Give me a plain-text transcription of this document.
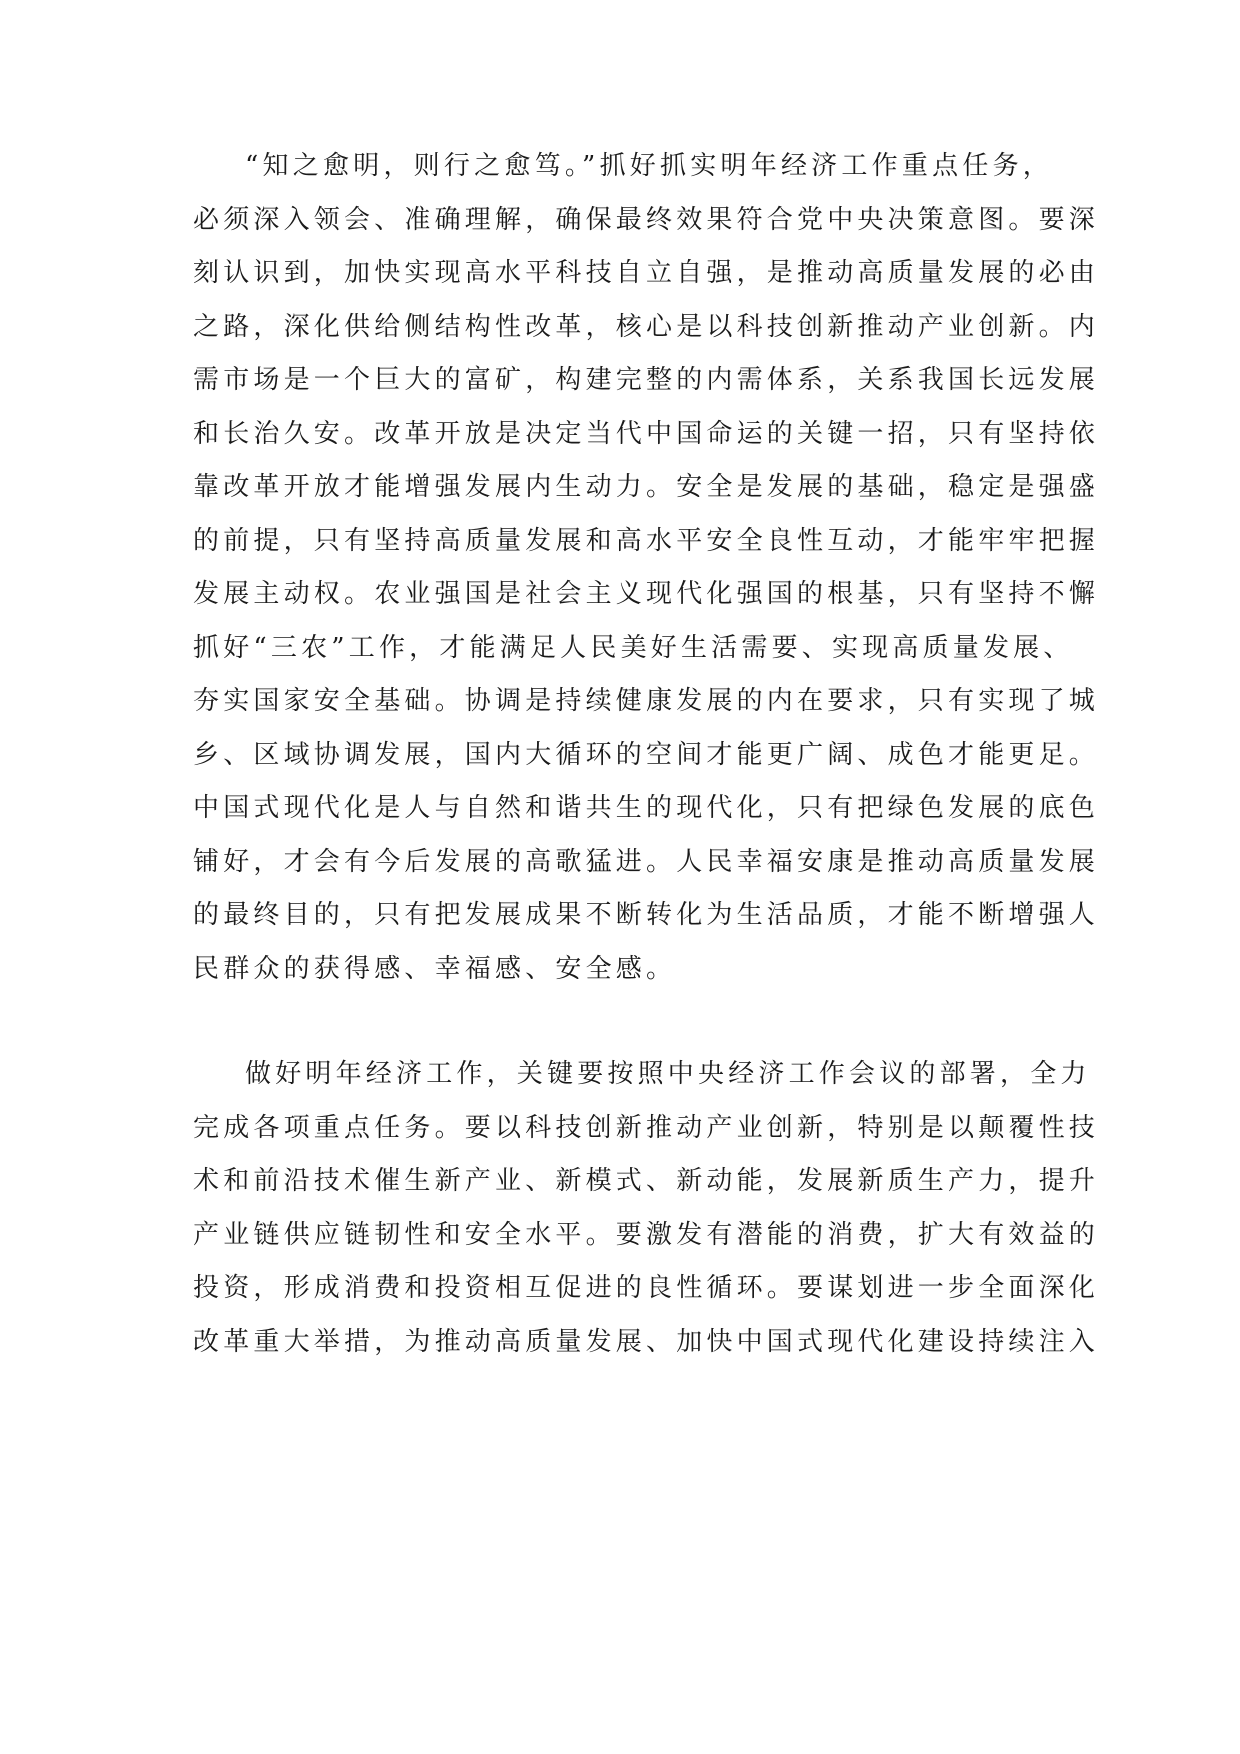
“知之愈明，则行之愈笃。”抓好抓实明年经济工作重点任务，
必须深入领会、准确理解，确保最终效果符合党中央决策意图。要深
刻认识到，加快实现高水平科技自立自强，是推动高质量发展的必由
之路，深化供给侧结构性改革，核心是以科技创新推动产业创新。内
需市场是一个巨大的富矿，构建完整的内需体系，关系我国长远发展
和长治久安。改革开放是决定当代中国命运的关键一招，只有坚持依
靠改革开放才能增强发展内生动力。安全是发展的基础，稳定是强盛
的前提，只有坚持高质量发展和高水平安全良性互动，才能牢牢把握
发展主动权。农业强国是社会主义现代化强国的根基，只有坚持不懈
抓好“三农”工作，才能满足人民美好生活需要、实现高质量发展、
夯实国家安全基础。协调是持续健康发展的内在要求，只有实现了城
乡、区域协调发展，国内大循环的空间才能更广阔、成色才能更足。
中国式现代化是人与自然和谐共生的现代化，只有把绿色发展的底色
铺好，才会有今后发展的高歌猛进。人民幸福安康是推动高质量发展
的最终目的，只有把发展成果不断转化为生活品质，才能不断增强人
民群众的获得感、幸福感、安全感。
做好明年经济工作，关键要按照中央经济工作会议的部署，全力
完成各项重点任务。要以科技创新推动产业创新，特别是以颠覆性技
术和前沿技术催生新产业、新模式、新动能，发展新质生产力，提升
产业链供应链韧性和安全水平。要激发有潜能的消费，扩大有效益的
投资，形成消费和投资相互促进的良性循环。要谋划进一步全面深化
改革重大举措，为推动高质量发展、加快中国式现代化建设持续注入
